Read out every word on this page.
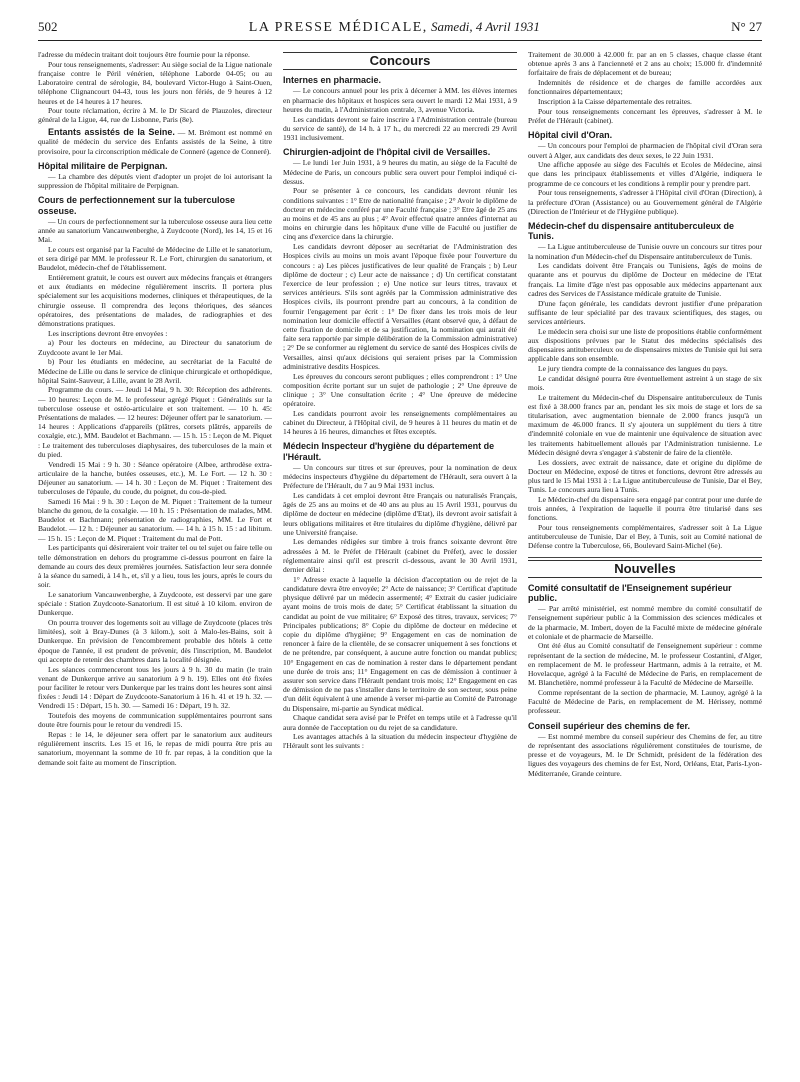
502	LA PRESSE MÉDICALE, Samedi, 4 Avril 1931	N° 27

l'adresse du médecin traitant doit toujours être fournie pour la réponse.

Pour tous renseignements, s'adresser: Au siège social de la Ligue nationale française contre le Péril vénérien, téléphone Laborde 04-05; ou au Laboratoire central de sérologie, 84, boulevard Victor-Hugo à Saint-Ouen, téléphone Clignancourt 04-43, tous les jours non fériés, de 9 heures à 12 heures et de 14 heures à 17 heures.

Pour toute réclamation, écrire à M. le Dr Sicard de Plauzoles, directeur général de la Ligue, 44, rue de Lisbonne, Paris (8e).

Entants assistés de la Seine. — M. Brémont est nommé en qualité de médecin du service des Enfants assistés de la Seine, à titre provisoire, pour la circonscription médicale de Conneré (agence de Conneré).

Hôpital militaire de Perpignan.

— La chambre des députés vient d'adopter un projet de loi autorisant la suppression de l'hôpital militaire de Perpignan.

Cours de perfectionnement sur la tuberculose osseuse.

— Un cours de perfectionnement sur la tuberculose osseuse aura lieu cette année au sanatorium Vancauwenberghe, à Zuydcoote (Nord), les 14, 15 et 16 Mai.

Le cours est organisé par la Faculté de Médecine de Lille et le sanatorium, et sera dirigé par MM. le professeur R. Le Fort, chirurgien du sanatorium, et Baudelot, médecin-chef de l'établissement.

Entièrement gratuit, le cours est ouvert aux médecins français et étrangers et aux étudiants en médecine régulièrement inscrits. Il portera plus spécialement sur les acquisitions modernes, cliniques et thérapeutiques, de la chirurgie osseuse. Il comprendra des leçons théoriques, des séances opératoires, des présentations de malades, de radiographies et des démonstrations pratiques.

Les inscriptions devront être envoyées :

a) Pour les docteurs en médecine, au Directeur du sanatorium de Zuydcoote avant le 1er Mai.

b) Pour les étudiants en médecine, au secrétariat de la Faculté de Médecine de Lille ou dans le service de clinique chirurgicale et orthopédique, hôpital Saint-Sauveur, à Lille, avant le 28 Avril.

Programme du cours. — Jeudi 14 Mai, 9 h. 30: Réception des adhérents. — 10 heures: Leçon de M. le professeur agrégé Piquet : Généralités sur la tuberculose osseuse et ostéo-articulaire et son traitement. — 10 h. 45: Présentations de malades. — 12 heures: Déjeuner offert par le sanatorium. — 14 heures : Applications d'appareils (plâtres, corsets plâtrés, appareils de coxalgie, etc.), MM. Baudelot et Bachmann. — 15 h. 15 : Leçon de M. Piquet : Le traitement des tuberculoses diaphysaires, des tuberculoses de la main et du pied.

Vendredi 15 Mai : 9 h. 30 : Séance opératoire (Albee, arthrodèse extra-articulaire de la hanche, butées osseuses, etc.), M. Le Fort. — 12 h. 30 : Déjeuner au sanatorium. — 14 h. 30 : Leçon de M. Piquet : Traitement des tuberculoses de l'épaule, du coude, du poignet, du cou-de-pied.

Samedi 16 Mai : 9 h. 30 : Leçon de M. Piquet : Traitement de la tumeur blanche du genou, de la coxalgie. — 10 h. 15 : Présentation de malades, MM. Baudelot et Bachmann; présentation de radiographies, MM. Le Fort et Baudelot. — 12 h. : Déjeuner au sanatorium. — 14 h. à 15 h. 15 : ad libitum. — 15 h. 15 : Leçon de M. Piquet : Traitement du mal de Pott.

Les participants qui désireraient voir traiter tel ou tel sujet ou faire telle ou telle démonstration en dehors du programme ci-dessus pourront en faire la demande au cours des deux premières journées. Satisfaction leur sera donnée à la séance du samedi, à 14 h., et, s'il y a lieu, tous les jours, après le cours du soir.

Le sanatorium Vancauwenberghe, à Zuydcoote, est desservi par une gare spéciale : Station Zuydcoote-Sanatorium. Il est situé à 10 kilom. environ de Dunkerque.

On pourra trouver des logements soit au village de Zuydcoote (places très limitées), soit à Bray-Dunes (à 3 kilom.), soit à Malo-les-Bains, soit à Dunkerque. En prévision de l'encombrement probable des hôtels à cette époque de l'année, il est prudent de prévenir, dès l'inscription, M. Baudelot qui accepte de retenir des chambres dans la localité désignée.

Les séances commenceront tous les jours à 9 h. 30 du matin (le train venant de Dunkerque arrive au sanatorium à 9 h. 19). Elles ont été fixées pour faciliter le retour vers Dunkerque par les trains dont les heures sont ainsi fixées : Jeudi 14 : Départ de Zuydcoote-Sanatorium à 16 h. 41 et 19 h. 32. — Vendredi 15 : Départ, 15 h. 30. — Samedi 16 : Départ, 19 h. 32.

Toutefois des moyens de communication supplémentaires pourront sans doute être fournis pour le retour du vendredi 15.

Repas : le 14, le déjeuner sera offert par le sanatorium aux auditeurs régulièrement inscrits. Les 15 et 16, le repas de midi pourra être pris au sanatorium, moyennant la somme de 10 fr. par repas, à la condition que la demande soit faite au moment de l'inscription.

Concours
Internes en pharmacie.

— Le concours annuel pour les prix à décerner à MM. les élèves internes en pharmacie des hôpitaux et hospices sera ouvert le mardi 12 Mai 1931, à 9 heures du matin, à l'Administration centrale, 3, avenue Victoria.

Les candidats devront se faire inscrire à l'Administration centrale (bureau du service de santé), de 14 h. à 17 h., du mercredi 22 au mercredi 29 Avril 1931 inclusivement.

Chirurgien-adjoint de l'hôpital civil de Versailles.

— Le lundi 1er Juin 1931, à 9 heures du matin, au siège de la Faculté de Médecine de Paris, un concours public sera ouvert pour l'emploi indiqué ci-dessus.

Pour se présenter à ce concours, les candidats devront réunir les conditions suivantes : 1° Etre de nationalité française ; 2° Avoir le diplôme de docteur en médecine conféré par une Faculté française ; 3° Etre âgé de 25 ans au moins et de 45 ans au plus ; 4° Avoir effectué quatre années d'internat au moins en chirurgie dans les hôpitaux d'une ville de Faculté ou justifier de cinq ans d'exercice dans la chirurgie.

Les candidats devront déposer au secrétariat de l'Administration des Hospices civils au moins un mois avant l'époque fixée pour l'ouverture du concours : a) Les pièces justificatives de leur qualité de Français ; b) Leur diplôme de docteur ; c) Leur acte de naissance ; d) Un certificat constatant l'exercice de leur profession ; e) Une notice sur leurs titres, travaux et services antérieurs. S'ils sont agréés par la Commission administrative des Hospices civils, ils pourront prendre part au concours, à la condition de fournir l'engagement par écrit : 1° De fixer dans les trois mois de leur nomination leur domicile effectif à Versailles (étant observé que, à défaut de cette fixation de domicile et de sa justification, la nomination qui aurait été faite sera rapportée par simple délibération de la Commission administrative) ; 2° De se conformer au règlement du service de santé des Hospices civils de Versailles, ainsi qu'aux décisions qui seraient prises par la Commission administrative desdits Hospices.

Les épreuves du concours seront publiques ; elles comprendront : 1° Une composition écrite portant sur un sujet de pathologie ; 2° Une épreuve de clinique ; 3° Une consultation écrite ; 4° Une épreuve de médecine opératoire.

Les candidats pourront avoir les renseignements complémentaires au cabinet du Directeur, à l'Hôpital civil, de 9 heures à 11 heures du matin et de 14 heures à 16 heures, dimanches et fêtes exceptés.

Médecin Inspecteur d'hygiène du département de l'Hérault.

— Un concours sur titres et sur épreuves, pour la nomination de deux médecins inspecteurs d'hygiène du département de l'Hérault, sera ouvert à la Préfecture de l'Hérault, du 7 au 9 Mai 1931 inclus.

Les candidats à cet emploi devront être Français ou naturalisés Français, âgés de 25 ans au moins et de 40 ans au plus au 15 Avril 1931, pourvus du diplôme de docteur en médecine (diplôme d'Etat), ils devront avoir satisfait à leurs obligations militaires et être titulaires du diplôme d'hygiène, délivré par une Université française.

Les demandes rédigées sur timbre à trois francs soixante devront être adressées à M. le Préfet de l'Hérault (cabinet du Préfet), avec le dossier réglementaire ainsi qu'il est prescrit ci-dessous, avant le 30 Avril 1931, dernier délai :

1° Adresse exacte à laquelle la décision d'acceptation ou de rejet de la candidature devra être envoyée; 2° Acte de naissance; 3° Certificat d'aptitude physique délivré par un médecin assermenté; 4° Extrait du casier judiciaire ayant moins de trois mois de date; 5° Certificat établissant la situation du candidat au point de vue militaire; 6° Exposé des titres, travaux, services; 7° Principales publications; 8° Copie du diplôme de docteur en médecine et copie du diplôme d'hygiène; 9° Engagement en cas de nomination de renoncer à faire de la clientèle, de se consacrer uniquement à ses fonctions et de ne prétendre, par conséquent, à aucune autre fonction ou mandat publics; 10° Engagement en cas de nomination à rester dans le département pendant une durée de trois ans; 11° Engagement en cas de démission à continuer à assurer son service dans l'Hérault pendant trois mois; 12° Engagement en cas de démission de ne pas s'installer dans le territoire de son secteur, sous peine d'un délit équivalent à une amende à verser mi-partie au Comité de Patronage du Dispensaire, mi-partie au Syndicat médical.

Chaque candidat sera avisé par le Préfet en temps utile et à l'adresse qu'il aura donnée de l'acceptation ou du rejet de sa candidature.

Les avantages attachés à la situation du médecin inspecteur d'hygiène de l'Hérault sont les suivants :

Traitement de 30.000 à 42.000 fr. par an en 5 classes, chaque classe étant obtenue après 3 ans à l'ancienneté et 2 ans au choix; 15.000 fr. d'indemnité forfaitaire de frais de déplacement et de bureau;

Indemnités de résidence et de charges de famille accordées aux fonctionnaires départementaux;

Inscription à la Caisse départementale des retraites.

Pour tous renseignements concernant les épreuves, s'adresser à M. le Préfet de l'Hérault (cabinet).

Hôpital civil d'Oran.

— Un concours pour l'emploi de pharmacien de l'hôpital civil d'Oran sera ouvert à Alger, aux candidats des deux sexes, le 22 Juin 1931.

Une affiche apposée au siège des Facultés et Ecoles de Médecine, ainsi que dans les principaux établissements et villes d'Algérie, indiquera le programme de ce concours et les conditions à remplir pour y prendre part.

Pour tous renseignements, s'adresser à l'Hôpital civil d'Oran (Direction), à la préfecture d'Oran (Assistance) ou au Gouvernement général de l'Algérie (Direction de l'Intérieur et de l'Hygiène publique).

Médecin-chef du dispensaire antituberculeux de Tunis.

— La Ligue antituberculeuse de Tunisie ouvre un concours sur titres pour la nomination d'un Médecin-chef du Dispensaire antituberculeux de Tunis.

Les candidats doivent être Français ou Tunisiens, âgés de moins de quarante ans et pourvus du diplôme de Docteur en médecine de l'Etat français. La limite d'âge n'est pas opposable aux médecins appartenant aux cadres des Services de l'Assistance médicale gratuite de Tunisie.

D'une façon générale, les candidats devront justifier d'une préparation suffisante de leur spécialité par des travaux scientifiques, des stages, ou services antérieurs.

Le médecin sera choisi sur une liste de propositions établie conformément aux dispositions prévues par le Statut des médecins spécialisés des dispensaires antituberculeux ou de dispensaires mixtes de Tunisie qui lui sera applicable dans son ensemble.

Le jury tiendra compte de la connaissance des langues du pays.

Le candidat désigné pourra être éventuellement astreint à un stage de six mois.

Le traitement du Médecin-chef du Dispensaire antituberculeux de Tunis est fixé à 38.000 francs par an, pendant les six mois de stage et lors de sa titularisation, avec augmentation biennale de 2.000 francs jusqu'à un maximum de 46.000 francs. Il s'y ajoutera un supplément du tiers à titre d'indemnité coloniale en vue de maintenir une équivalence de situation avec les traitements habituellement alloués par l'Administration tunisienne. Le Médecin désigné devra s'engager à s'abstenir de faire de la clientèle.

Les dossiers, avec extrait de naissance, date et origine du diplôme de Docteur en Médecine, exposé de titres et fonctions, devront être adressés au plus tard le 15 Mai 1931 à : La Ligue antituberculeuse de Tunisie, Dar el Bey, Tunis. Le concours aura lieu à Tunis.

Le Médecin-chef du dispensaire sera engagé par contrat pour une durée de trois années, à l'expiration de laquelle il pourra être titularisé dans ses fonctions.

Pour tous renseignements complémentaires, s'adresser soit à La Ligue antituberculeuse de Tunisie, Dar el Bey, à Tunis, soit au Comité national de Défense contre la Tuberculose, 66, Boulevard Saint-Michel (6e).

Nouvelles
Comité consultatif de l'Enseignement supérieur public.

— Par arrêté ministériel, est nommé membre du comité consultatif de l'enseignement supérieur public à la Commission des sciences médicales et de la pharmacie, M. Imbert, doyen de la Faculté mixte de médecine générale et coloniale et de pharmacie de Marseille.

Ont été élus au Comité consultatif de l'enseignement supérieur : comme représentant de la section de médecine, M. le professeur Costantini, d'Alger, en remplacement de M. le professeur Hartmann, admis à la retraite, et M. Hovelacque, agrégé à la Faculté de Médecine de Paris, en remplacement de M. Blanchetière, nommé professeur à la Faculté de Médecine de Marseille.

Comme représentant de la section de pharmacie, M. Launoy, agrégé à la Faculté de Médecine de Paris, en remplacement de M. Hérissey, nommé professeur.

Conseil supérieur des chemins de fer.

— Est nommé membre du conseil supérieur des Chemins de fer, au titre de représentant des associations régulièrement constituées de tourisme, de presse et de voyageurs, M. le Dr Schmidt, président de la fédération des ligues des voyageurs des chemins de fer Est, Nord, Orléans, Etat, Paris-Lyon-Méditerranée, Grande ceinture.
